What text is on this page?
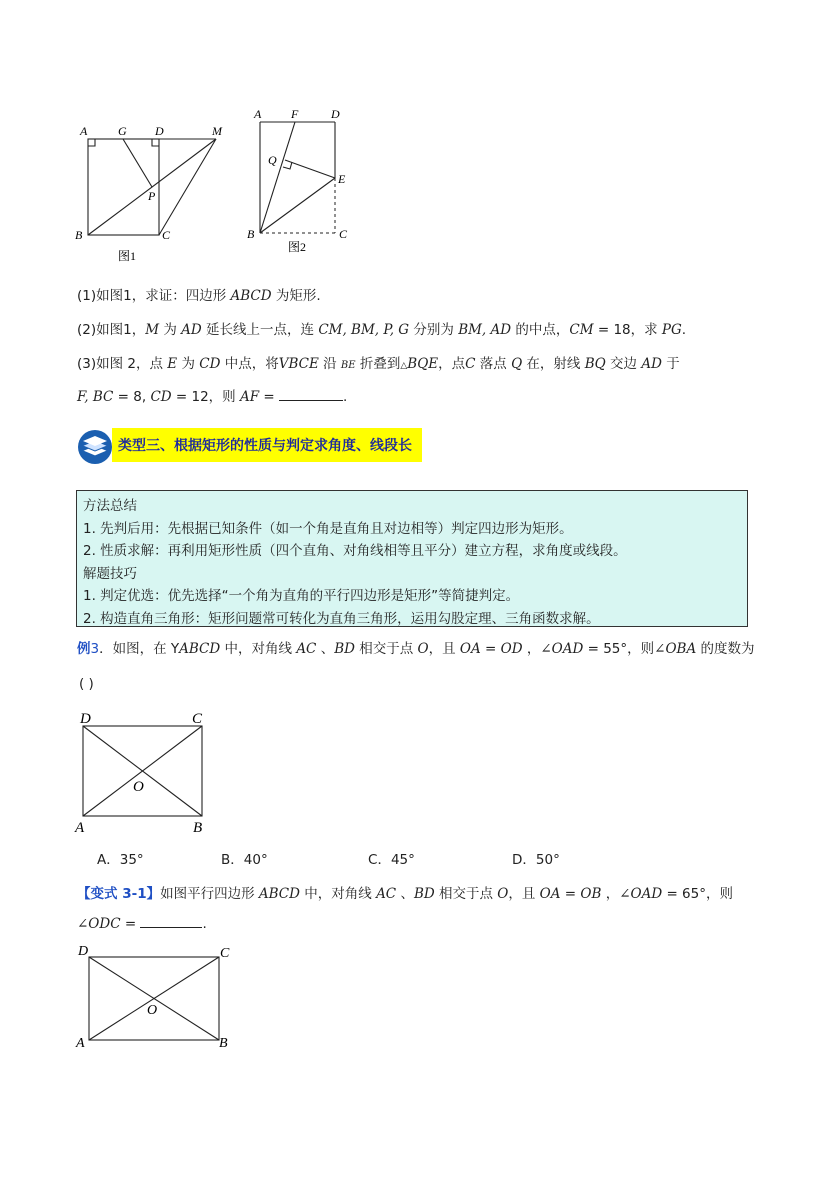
A	G D	M
P
B	C
图1
A F	D
Q
E
B	C
图2
(1)如图1，求证：四边形 ABCD 为矩形.
(2)如图1，M 为 AD 延长线上一点，连 CM, BM, P, G 分别为 BM, AD 的中点，CM = 18，求 PG.
(3)如图 2，点 E 为 CD 中点，将VBCE 沿 BE 折叠到△BQE，点C 落点 Q 在，射线 BQ 交边 AD 于
F, BC = 8, CD = 12，则 AF =	.
类型三、根据矩形的性质与判定求角度、线段长
方法总结
1. 先判后用：先根据已知条件（如一个角是直角且对边相等）判定四边形为矩形。
2. 性质求解：再利用矩形性质（四个直角、对角线相等且平分）建立方程，求角度或线段。
解题技巧
1. 判定优选：优先选择“一个角为直角的平行四边形是矩形”等简捷判定。
2. 构造直角三角形：矩形问题常可转化为直角三角形，运用勾股定理、三角函数求解。
例3．如图，在 YABCD 中，对角线 AC 、BD 相交于点 O，且 OA = OD ，∠OAD = 55°，则∠OBA 的度数为
( )
D	C
O
A	B
A．35°	B．40°	C．45°	D．50°
【变式 3-1】如图平行四边形 ABCD 中，对角线 AC 、BD 相交于点 O，且 OA = OB ，∠OAD = 65°，则
∠ODC =	.
D	C
O
A	B
